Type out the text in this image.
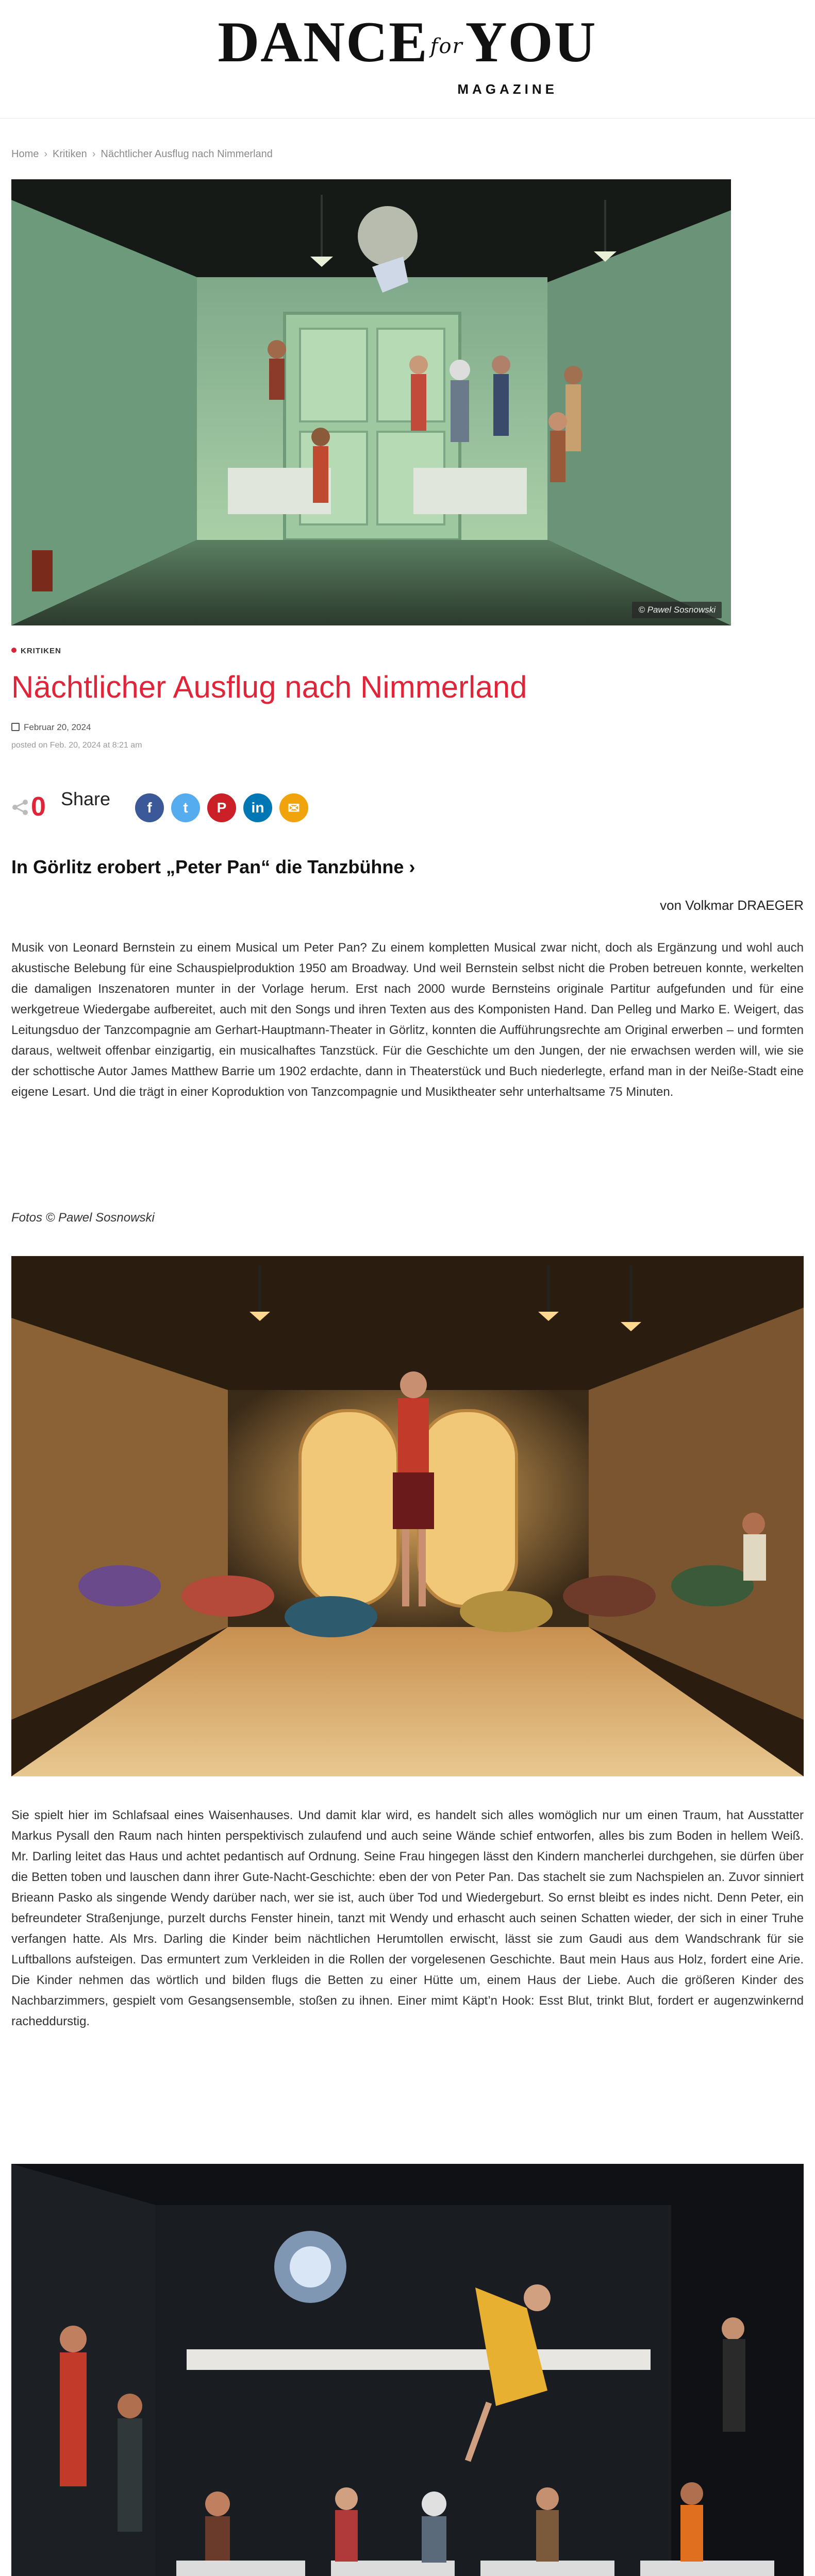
DANCE $^{for}$YOU
MAGAZINE
Home › Kritiken › Nächtlicher Ausflug nach Nimmerland
© Pawel Sosnowski
KRITIKEN
Nächtlicher Ausflug nach Nimmerland
Februar 20, 2024
posted on Feb. 20, 2024 at 8:21 am
0 Share	f t P in ✉
In Görlitz erobert „Peter Pan“ die Tanzbühne ›
von Volkmar DRAEGER

Musik von Leonard Bernstein zu einem Musical um Peter Pan? Zu einem kompletten Musical zwar nicht, doch als Ergänzung und wohl auch akustische Belebung für eine Schauspielproduktion 1950 am Broadway. Und weil Bernstein selbst nicht die Proben betreuen konnte, werkelten die damaligen Inszenatoren munter in der Vorlage herum. Erst nach 2000 wurde Bernsteins originale Partitur aufgefunden und für eine werkgetreue Wiedergabe aufbereitet, auch mit den Songs und ihren Texten aus des Komponisten Hand. Dan Pelleg und Marko E. Weigert, das Leitungsduo der Tanzcompagnie am Gerhart-Hauptmann-Theater in Görlitz, konnten die Aufführungsrechte am Original erwerben – und formten daraus, weltweit offenbar einzigartig, ein musicalhaftes Tanzstück. Für die Geschichte um den Jungen, der nie erwachsen werden will, wie sie der schottische Autor James Matthew Barrie um 1902 erdachte, dann in Theaterstück und Buch niederlegte, erfand man in der Neiße-Stadt eine eigene Lesart. Und die trägt in einer Koproduktion von Tanzcompagnie und Musiktheater sehr unterhaltsame 75 Minuten.

Fotos © Pawel Sosnowski

Sie spielt hier im Schlafsaal eines Waisenhauses. Und damit klar wird, es handelt sich alles womöglich nur um einen Traum, hat Ausstatter Markus Pysall den Raum nach hinten perspektivisch zulaufend und auch seine Wände schief entworfen, alles bis zum Boden in hellem Weiß. Mr. Darling leitet das Haus und achtet pedantisch auf Ordnung. Seine Frau hingegen lässt den Kindern mancherlei durchgehen, sie dürfen über die Betten toben und lauschen dann ihrer Gute-Nacht-Geschichte: eben der von Peter Pan. Das stachelt sie zum Nachspielen an. Zuvor sinniert Brieann Pasko als singende Wendy darüber nach, wer sie ist, auch über Tod und Wiedergeburt. So ernst bleibt es indes nicht. Denn Peter, ein befreundeter Straßenjunge, purzelt durchs Fenster hinein, tanzt mit Wendy und erhascht auch seinen Schatten wieder, der sich in einer Truhe verfangen hatte. Als Mrs. Darling die Kinder beim nächtlichen Herumtollen erwischt, lässt sie zum Gaudi aus dem Wandschrank für sie Luftballons aufsteigen. Das ermuntert zum Verkleiden in die Rollen der vorgelesenen Geschichte. Baut mein Haus aus Holz, fordert eine Arie. Die Kinder nehmen das wörtlich und bilden flugs die Betten zu einer Hütte um, einem Haus der Liebe. Auch die größeren Kinder des Nachbarzimmers, gespielt vom Gesangsensemble, stoßen zu ihnen. Einer mimt Käpt’n Hook: Esst Blut, trinkt Blut, fordert er augenzwinkernd racheddurstig.
